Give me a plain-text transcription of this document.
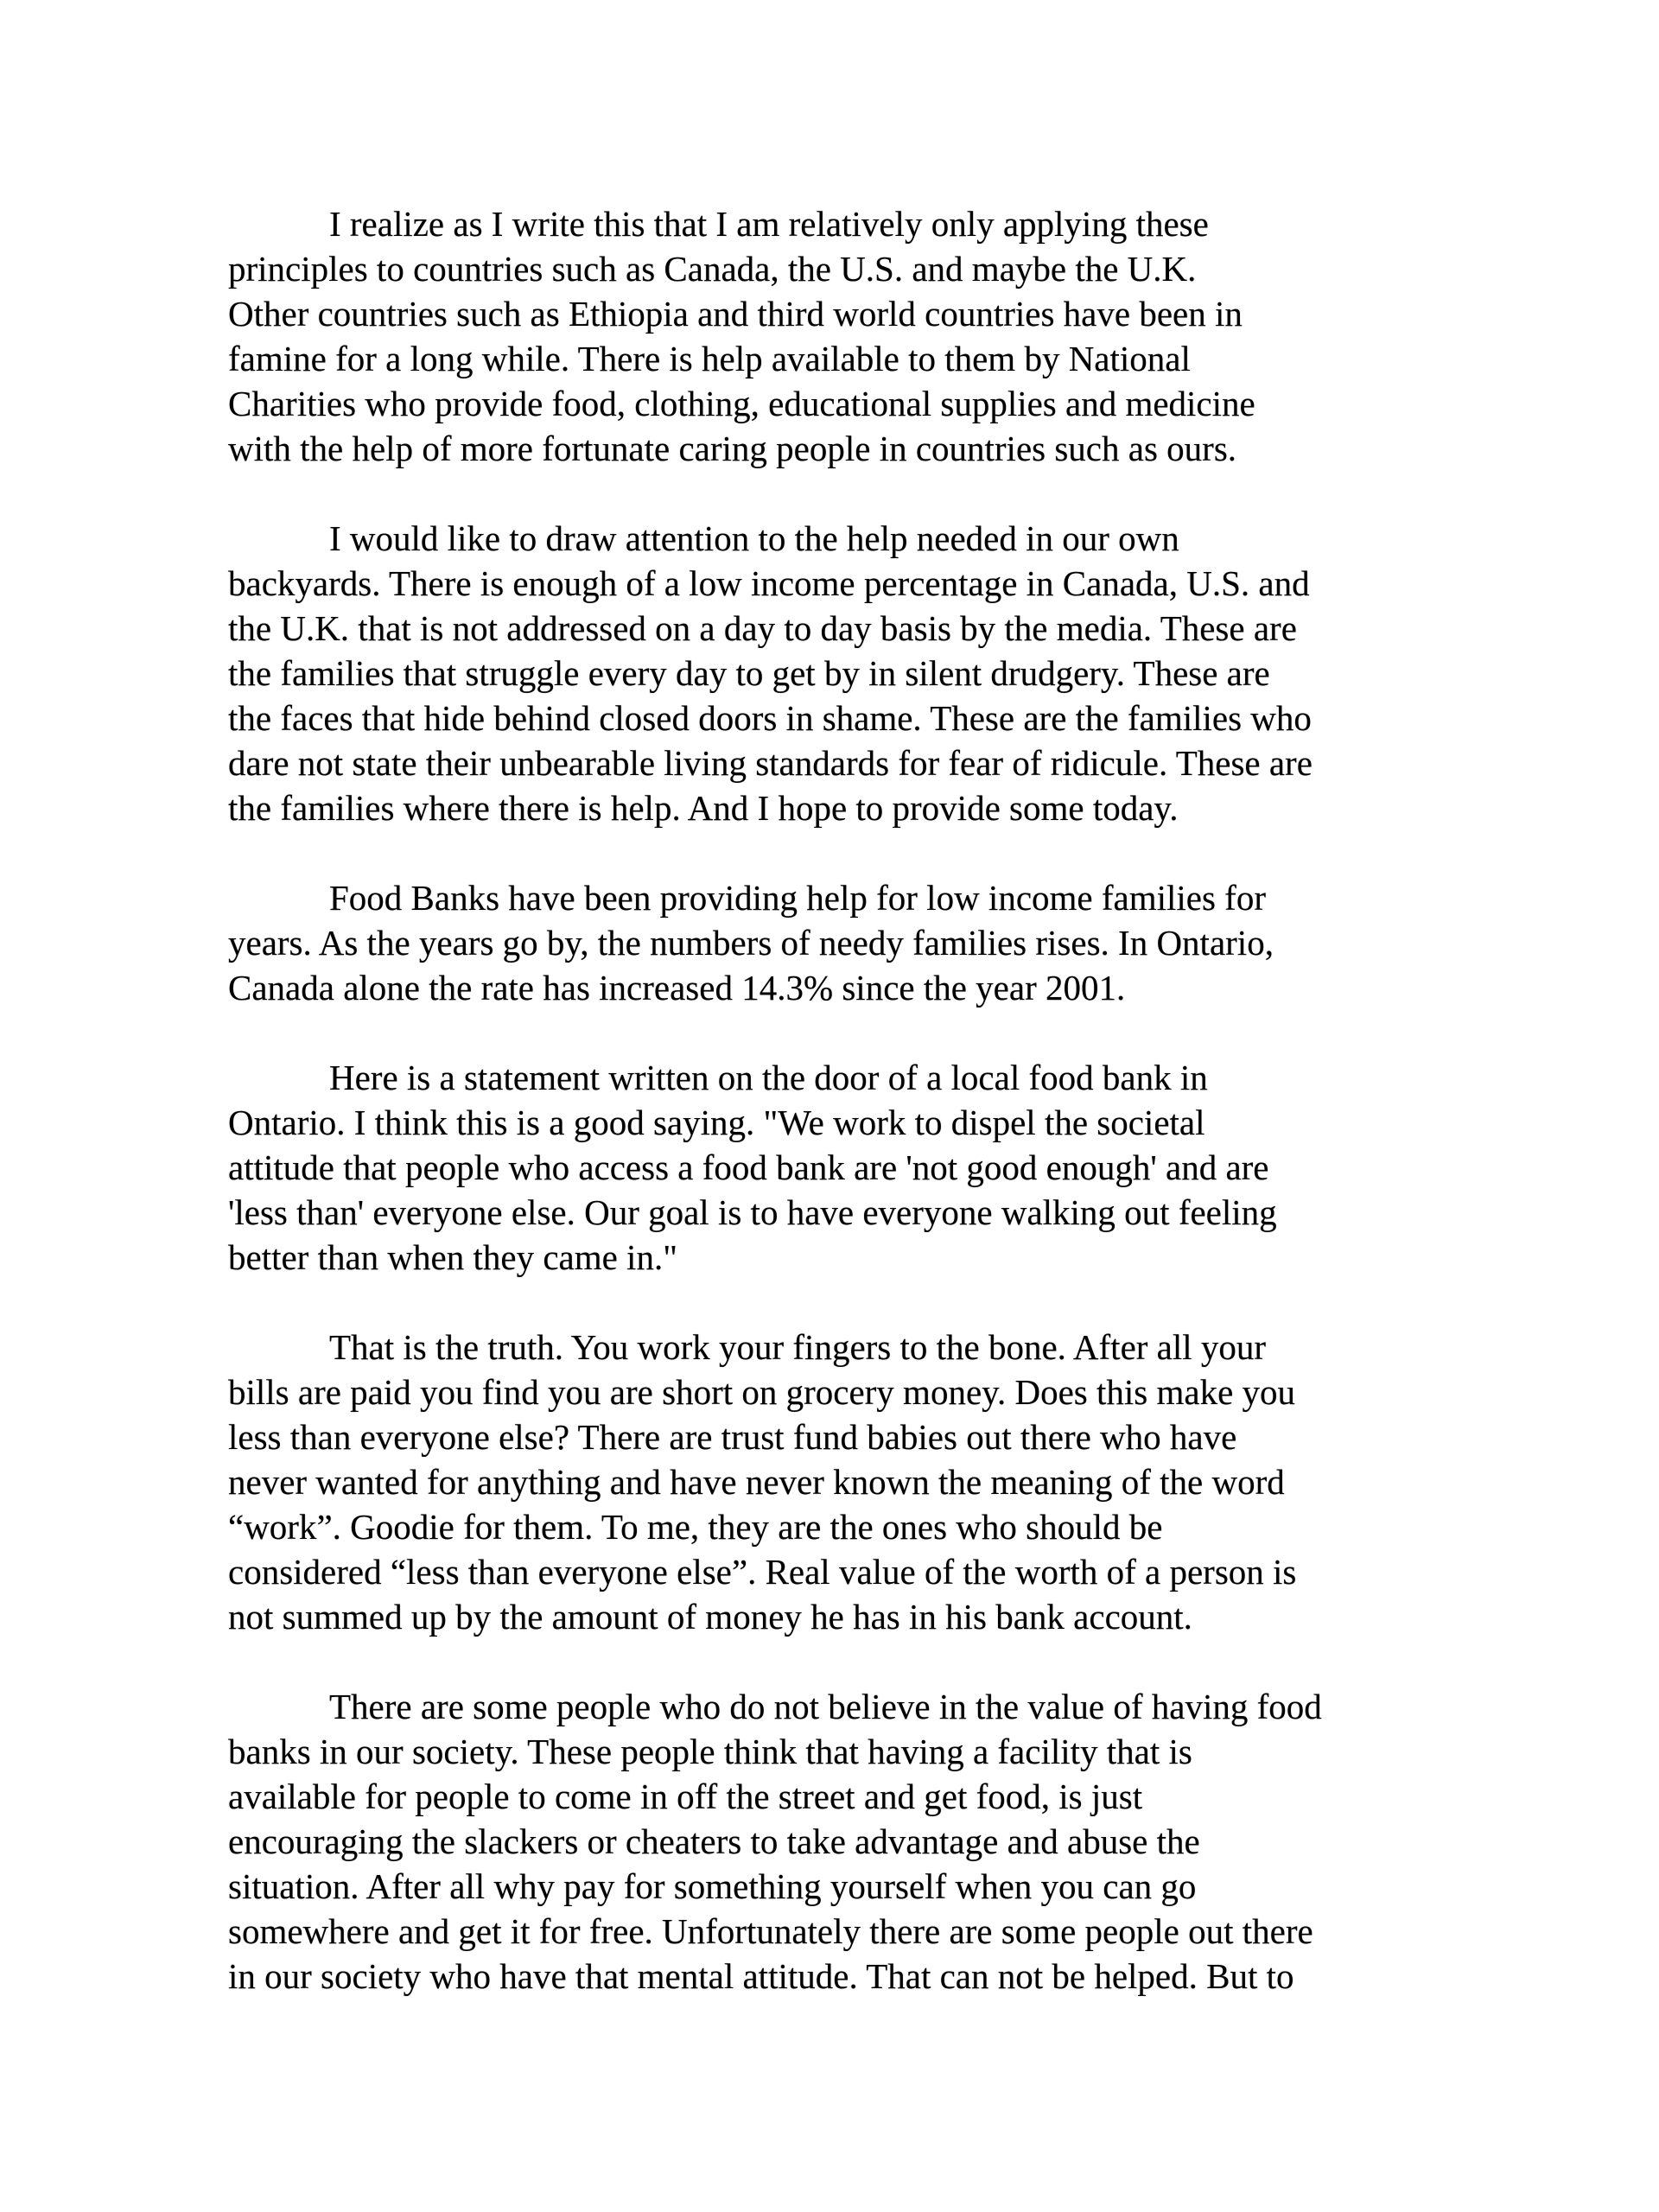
I realize as I write this that I am relatively only applying these
principles to countries such as Canada, the U.S. and maybe the U.K.
Other countries such as Ethiopia and third world countries have been in
famine for a long while. There is help available to them by National
Charities who provide food, clothing, educational supplies and medicine
with the help of more fortunate caring people in countries such as ours.
I would like to draw attention to the help needed in our own
backyards. There is enough of a low income percentage in Canada, U.S. and
the U.K. that is not addressed on a day to day basis by the media. These are
the families that struggle every day to get by in silent drudgery. These are
the faces that hide behind closed doors in shame. These are the families who
dare not state their unbearable living standards for fear of ridicule. These are
the families where there is help. And I hope to provide some today.
Food Banks have been providing help for low income families for
years. As the years go by, the numbers of needy families rises. In Ontario,
Canada alone the rate has increased 14.3% since the year 2001.
Here is a statement written on the door of a local food bank in
Ontario. I think this is a good saying. "We work to dispel the societal
attitude that people who access a food bank are 'not good enough' and are
'less than' everyone else. Our goal is to have everyone walking out feeling
better than when they came in."
That is the truth. You work your fingers to the bone. After all your
bills are paid you find you are short on grocery money. Does this make you
less than everyone else? There are trust fund babies out there who have
never wanted for anything and have never known the meaning of the word
“work”. Goodie for them. To me, they are the ones who should be
considered “less than everyone else”. Real value of the worth of a person is
not summed up by the amount of money he has in his bank account.
There are some people who do not believe in the value of having food
banks in our society. These people think that having a facility that is
available for people to come in off the street and get food, is just
encouraging the slackers or cheaters to take advantage and abuse the
situation. After all why pay for something yourself when you can go
somewhere and get it for free. Unfortunately there are some people out there
in our society who have that mental attitude. That can not be helped. But to
